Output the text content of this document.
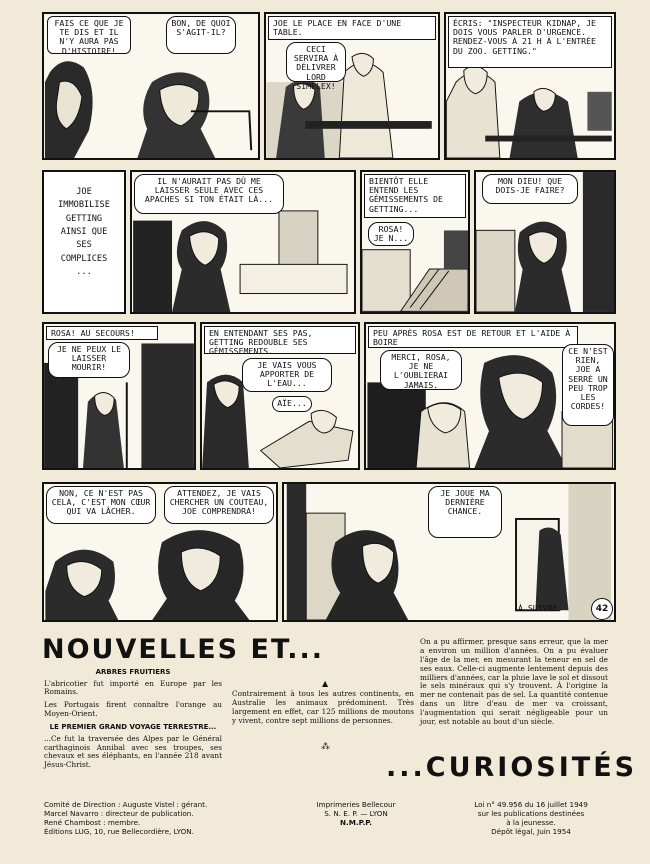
FAIS CE QUE JE TE DIS ET IL N'Y AURA PAS D'HISTOIRE!
BON, DE QUOI S'AGIT-IL?
JOE LE PLACE EN FACE D'UNE TABLE.
CECI SERVIRA À DÉLIVRER LORD SIMPLEX!
ÉCRIS: "INSPECTEUR KIDNAP, JE DOIS VOUS PARLER D'URGENCE. RENDEZ-VOUS À 21 H À L'ENTRÉE DU ZOO. GETTING."
JOE IMMOBILISE GETTING AINSI QUE SES COMPLICES ...
IL N'AURAIT PAS DÛ ME LAISSER SEULE AVEC CES APACHES SI TON ÉTAIT LÀ...
BIENTÔT ELLE ENTEND LES GÉMISSEMENTS DE GETTING...
ROSA! JE N...
MON DIEU! QUE DOIS-JE FAIRE?
ROSA! AU SECOURS!
JE NE PEUX LE LAISSER MOURIR!
EN ENTENDANT SES PAS, GETTING REDOUBLE SES GÉMISSEMENTS.
JE VAIS VOUS APPORTER DE L'EAU...
AÏE...
PEU APRÈS ROSA EST DE RETOUR ET L'AIDE À BOIRE
MERCI, ROSA, JE NE L'OUBLIERAI JAMAIS.
CE N'EST RIEN, JOE A SERRÉ UN PEU TROP LES CORDES!
NON, CE N'EST PAS CELA, C'EST MON CŒUR QUI VA LÂCHER.
ATTENDEZ, JE VAIS CHERCHER UN COUTEAU, JOE COMPRENDRA!
JE JOUE MA DERNIÈRE CHANCE.
À SUIVRE.	42
NOUVELLES ET...
ARBRES FRUITIERS

L'abricotier fut importé en Europe par les Romains.

Les Portugais firent connaître l'orange au Moyen-Orient.

LE PREMIER GRAND VOYAGE TERRESTRE...

...Ce fut la traversée des Alpes par le Général carthaginois Annibal avec ses troupes, ses chevaux et ses éléphants, en l'année 218 avant Jésus-Christ.

▲

Contrairement à tous les autres continents, en Australie les animaux prédominent. Très largement en effet, car 125 millions de moutons y vivent, contre sept millions de personnes.

⁂

On a pu affirmer, presque sans erreur, que la mer a environ un million d'années. On a pu évaluer l'âge de la mer, en mesurant la teneur en sel de ses eaux. Celle-ci augmente lentement depuis des milliers d'années, car la pluie lave le sol et dissout le sels minéraux qui s'y trouvent. À l'origine la mer ne contenait pas de sel. La quantité contenue dans un litre d'eau de mer va croissant, l'augmentation qui serait négligeable pour un jour, est notable au bout d'un siècle.

...CURIOSITÉS
Comité de Direction : Auguste Vistel : gérant.
Marcel Navarro : directeur de publication.
René Chambost : membre.
Éditions LUG, 10, rue Bellecordière, LYON.
Imprimeries Bellecour
S. N. E. P. — LYON
N.M.P.P.
Loi n° 49.956 du 16 juillet 1949
sur les publications destinées
à la jeunesse.
Dépôt légal, Juin 1954
